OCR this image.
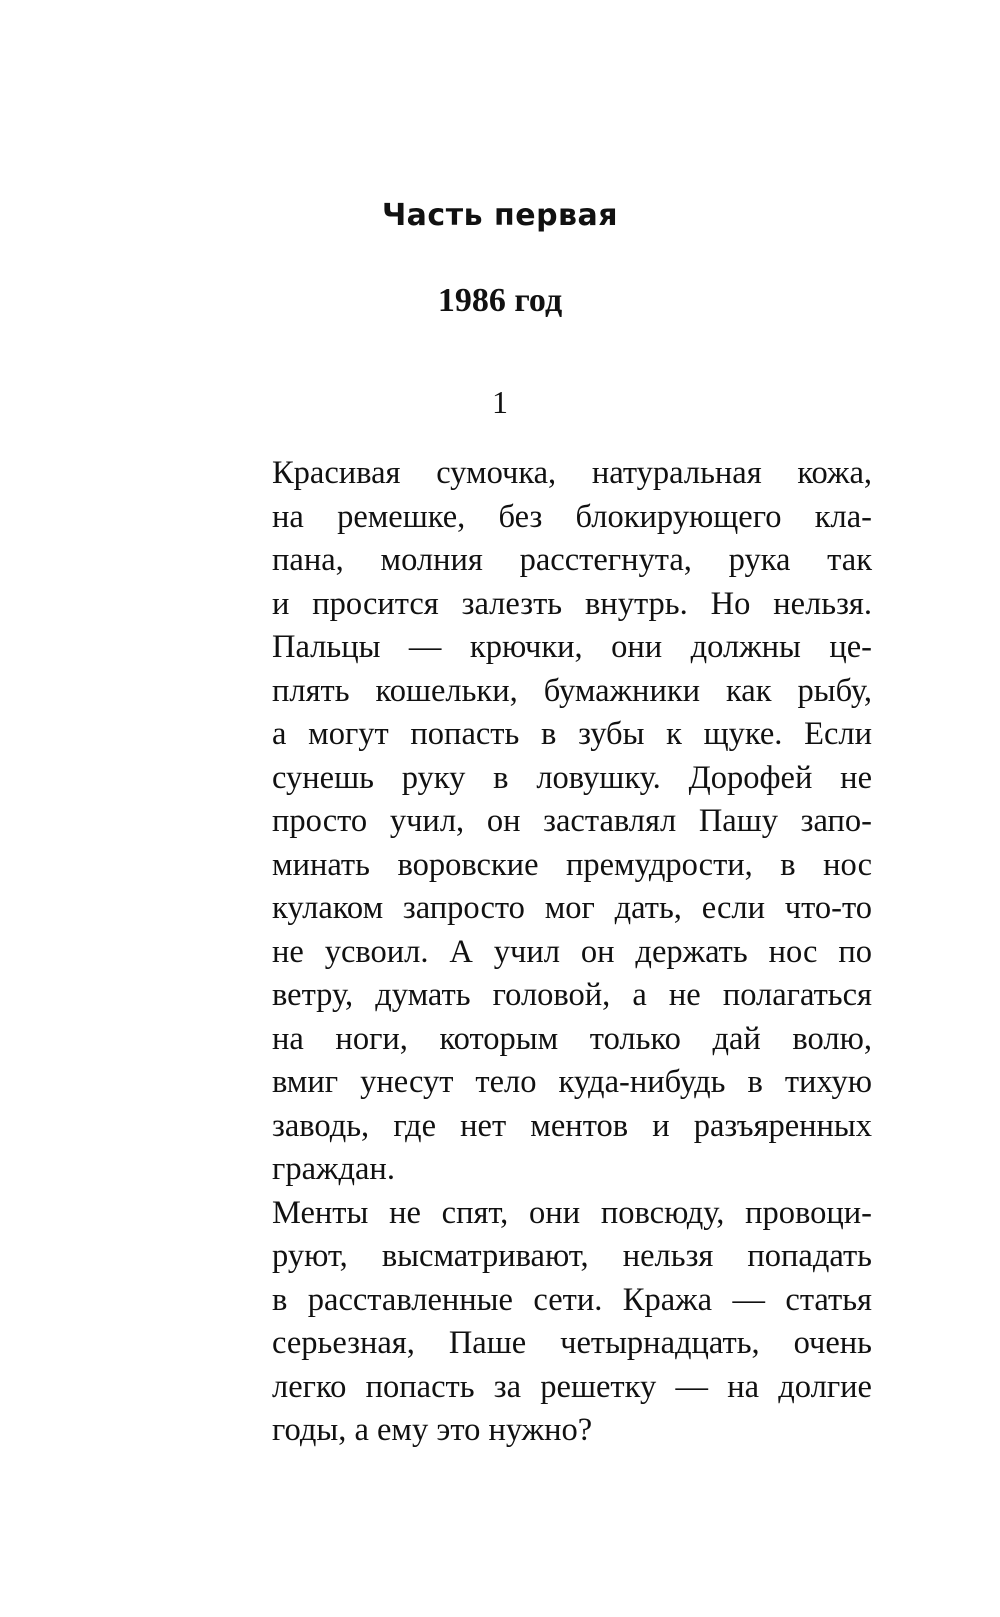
Часть первая
1986 год
1
Красивая сумочка, натуральная кожа,
на ремешке, без блокирующего кла-
пана, молния расстегнута, рука так
и просится залезть внутрь. Но нельзя.
Пальцы — крючки, они должны це-
плять кошельки, бумажники как рыбу,
а могут попасть в зубы к щуке. Если
сунешь руку в ловушку. Дорофей не
просто учил, он заставлял Пашу запо-
минать воровские премудрости, в нос
кулаком запросто мог дать, если что-то
не усвоил. А учил он держать нос по
ветру, думать головой, а не полагаться
на ноги, которым только дай волю,
вмиг унесут тело куда-нибудь в тихую
заводь, где нет ментов и разъяренных
граждан.
Менты не спят, они повсюду, провоци-
руют, высматривают, нельзя попадать
в расставленные сети. Кража — статья
серьезная, Паше четырнадцать, очень
легко попасть за решетку — на долгие
годы, а ему это нужно?
